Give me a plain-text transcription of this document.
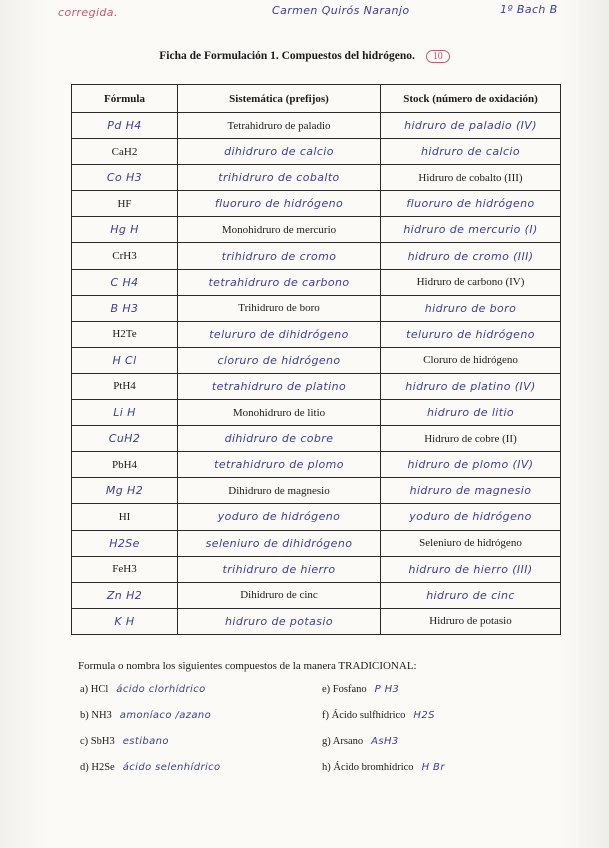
corregida.	Carmen Quirós Naranjo	1º Bach B
Ficha de Formulación 1. Compuestos del hidrógeno. 10
Fórmula	Sistemática (prefijos)	Stock (número de oxidación)
Pd H4	Tetrahidruro de paladio	hidruro de paladio (IV)
CaH2	dihidruro de calcio	hidruro de calcio
Co H3	trihidruro de cobalto	Hidruro de cobalto (III)
HF	fluoruro de hidrógeno	fluoruro de hidrógeno
Hg H	Monohidruro de mercurio	hidruro de mercurio (I)
CrH3	trihidruro de cromo	hidruro de cromo (III)
C H4	tetrahidruro de carbono	Hidruro de carbono (IV)
B H3	Trihidruro de boro	hidruro de boro
H2Te	telururo de dihidrógeno	telururo de hidrógeno
H Cl	cloruro de hidrógeno	Cloruro de hidrógeno
PtH4	tetrahidruro de platino	hidruro de platino (IV)
Li H	Monohidruro de litio	hidruro de litio
CuH2	dihidruro de cobre	Hidruro de cobre (II)
PbH4	tetrahidruro de plomo	hidruro de plomo (IV)
Mg H2	Dihidruro de magnesio	hidruro de magnesio
HI	yoduro de hidrógeno	yoduro de hidrógeno
H2Se	seleniuro de dihidrógeno	Seleniuro de hidrógeno
FeH3	trihidruro de hierro	hidruro de hierro (III)
Zn H2	Dihidruro de cinc	hidruro de cinc
K H	hidruro de potasio	Hidruro de potasio
Formula o nombra los siguientes compuestos de la manera TRADICIONAL:
a) HCl ácido clorhídrico
b) NH3 amoníaco /azano
c) SbH3 estibano
d) H2Se ácido selenhídrico
e) Fosfano P H3
f) Ácido sulfhídrico H2S
g) Arsano AsH3
h) Ácido bromhídrico H Br
